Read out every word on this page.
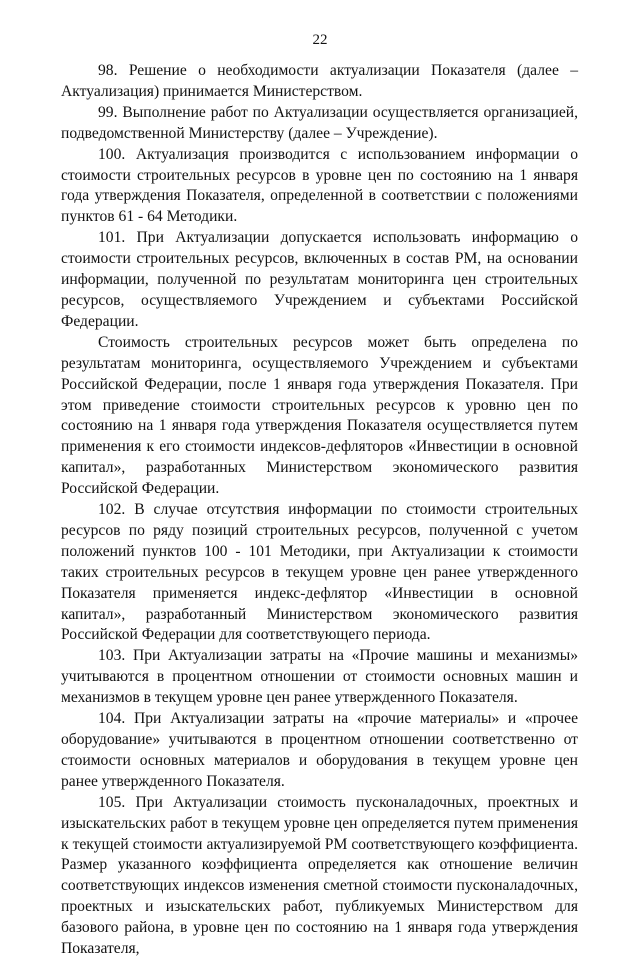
22

98. Решение о необходимости актуализации Показателя (далее – Актуализация) принимается Министерством.

99. Выполнение работ по Актуализации осуществляется организацией, подведомственной Министерству (далее – Учреждение).

100. Актуализация производится с использованием информации о стоимости строительных ресурсов в уровне цен по состоянию на 1 января года утверждения Показателя, определенной в соответствии с положениями пунктов 61 - 64 Методики.

101. При Актуализации допускается использовать информацию о стоимости строительных ресурсов, включенных в состав РМ, на основании информации, полученной по результатам мониторинга цен строительных ресурсов, осуществляемого Учреждением и субъектами Российской Федерации.

Стоимость строительных ресурсов может быть определена по результатам мониторинга, осуществляемого Учреждением и субъектами Российской Федерации, после 1 января года утверждения Показателя. При этом приведение стоимости строительных ресурсов к уровню цен по состоянию на 1 января года утверждения Показателя осуществляется путем применения к его стоимости индексов-дефляторов «Инвестиции в основной капитал», разработанных Министерством экономического развития Российской Федерации.

102. В случае отсутствия информации по стоимости строительных ресурсов по ряду позиций строительных ресурсов, полученной с учетом положений пунктов 100 - 101 Методики, при Актуализации к стоимости таких строительных ресурсов в текущем уровне цен ранее утвержденного Показателя применяется индекс-дефлятор «Инвестиции в основной капитал», разработанный Министерством экономического развития Российской Федерации для соответствующего периода.

103. При Актуализации затраты на «Прочие машины и механизмы» учитываются в процентном отношении от стоимости основных машин и механизмов в текущем уровне цен ранее утвержденного Показателя.

104. При Актуализации затраты на «прочие материалы» и «прочее оборудование» учитываются в процентном отношении соответственно от стоимости основных материалов и оборудования в текущем уровне цен ранее утвержденного Показателя.

105. При Актуализации стоимость пусконаладочных, проектных и изыскательских работ в текущем уровне цен определяется путем применения к текущей стоимости актуализируемой РМ соответствующего коэффициента. Размер указанного коэффициента определяется как отношение величин соответствующих индексов изменения сметной стоимости пусконаладочных, проектных и изыскательских работ, публикуемых Министерством для базового района, в уровне цен по состоянию на 1 января года утверждения Показателя,
